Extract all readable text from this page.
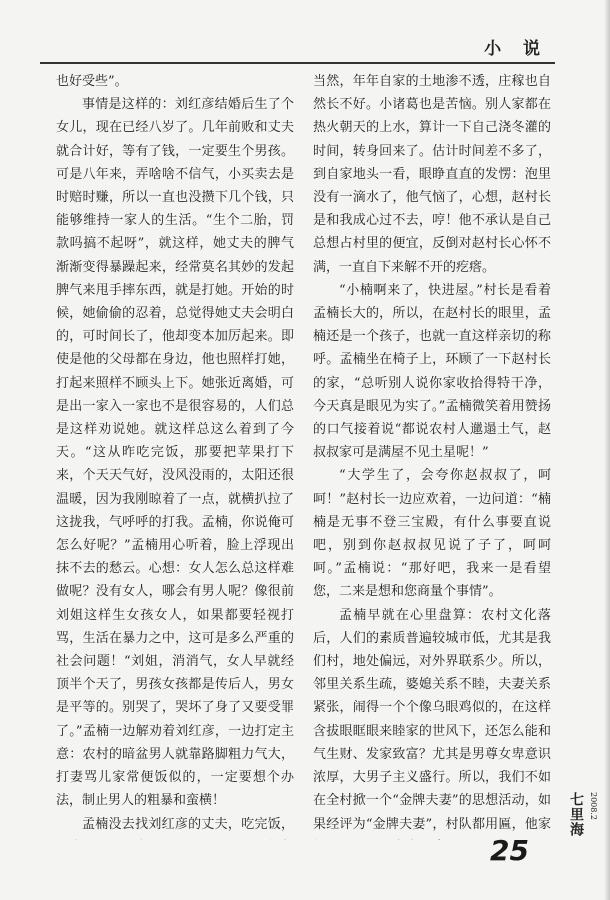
小 说

也好受些”。

事情是这样的：刘红彦结婚后生了个女儿，现在已经八岁了。几年前败和丈夫就合计好，等有了钱，一定要生个男孩。可是八年来，弄啥啥不信气，小买卖去是时赔时赚，所以一直也没攒下几个钱，只能够维持一家人的生活。“生个二胎，罚款吗搞不起呀”，就这样，她丈夫的脾气渐渐变得暴躁起来，经常莫名其妙的发起脾气来甩手摔东西，就是打她。开始的时候，她偷偷的忍着，总觉得她丈夫会明白的，可时间长了，他却变本加厉起来。即使是他的父母都在身边，他也照样打她，打起来照样不顾头上下。她张近离婚，可是出一家入一家也不是很容易的，人们总是这样劝说她。就这样总这么着到了今天。“这从昨吃完饭，那要把苹果打下来，个天天气好，没风没雨的，太阳还很温暖，因为我刚晾着了一点，就横扒拉了这拢我，气呼呼的打我。孟楠，你说俺可怎么好呢？”孟楠用心听着，脸上浮现出抹不去的愁云。心想：女人怎么总这样难做呢？没有女人，哪会有男人呢？像很前刘姐这样生女孩女人，如果都要轻视打骂，生活在暴力之中，这可是多么严重的社会问题！“刘姐，消消气，女人早就经顶半个天了，男孩女孩都是传后人，男女是平等的。别哭了，哭坏了身了又要受罪了。”孟楠一边解劝着刘红彦，一边打定主意：农村的暗盆男人就靠路脚粗力气大，打妻骂儿家常便饭似的，一定要想个办法，制止男人的粗暴和蛮横！

孟楠没去找刘红彦的丈夫，吃完饭，

当然，年年自家的土地渗不透，庄稼也自然长不好。小诸葛也是苦恼。别人家都在热火朝天的上水，算计一下自己浇冬灌的时间，转身回来了。估计时间差不多了，到自家地头一看，眼睁直直的发愣：泡里没有一滴水了，他气恼了，心想，赵村长是和我成心过不去，哼！他不承认是自己总想占村里的便宜，反倒对赵村长心怀不满，一直自下来解不开的疙瘩。

“小楠啊来了，快进屋。”村长是看着孟楠长大的，所以，在赵村长的眼里，孟楠还是一个孩子，也就一直这样亲切的称呼。孟楠坐在椅子上，环顾了一下赵村长的家，“总听别人说你家收拾得特干净，今天真是眼见为实了。”孟楠微笑着用赞扬的口气接着说“都说农村人邋遢土气，赵叔叔家可是满屋不见土星呢！”

“大学生了，会夸你赵叔叔了，呵呵！”赵村长一边应欢着，一边问道：“楠楠是无事不登三宝殿，有什么事要直说吧，别到你赵叔叔见说了子了，呵呵呵。”孟楠说：“那好吧，我来一是看望您，二来是想和您商量个事情”。

孟楠早就在心里盘算：农村文化落后，人们的素质普遍较城市低，尤其是我们村，地处偏远，对外界联系少。所以，邻里关系生疏，婆媳关系不睦，夫妻关系紧张，闹得一个个像乌眼鸡似的，在这样含拔眼眶眼来睦家的世风下，还怎么能和气生财、发家致富？尤其是男尊女卑意识浓厚，大男子主义盛行。所以，我们不如在全村掀一个“金牌夫妻”的思想活动，如果经评为“金牌夫妻”，村队都用匾，他家

25
七里海 2008.2
